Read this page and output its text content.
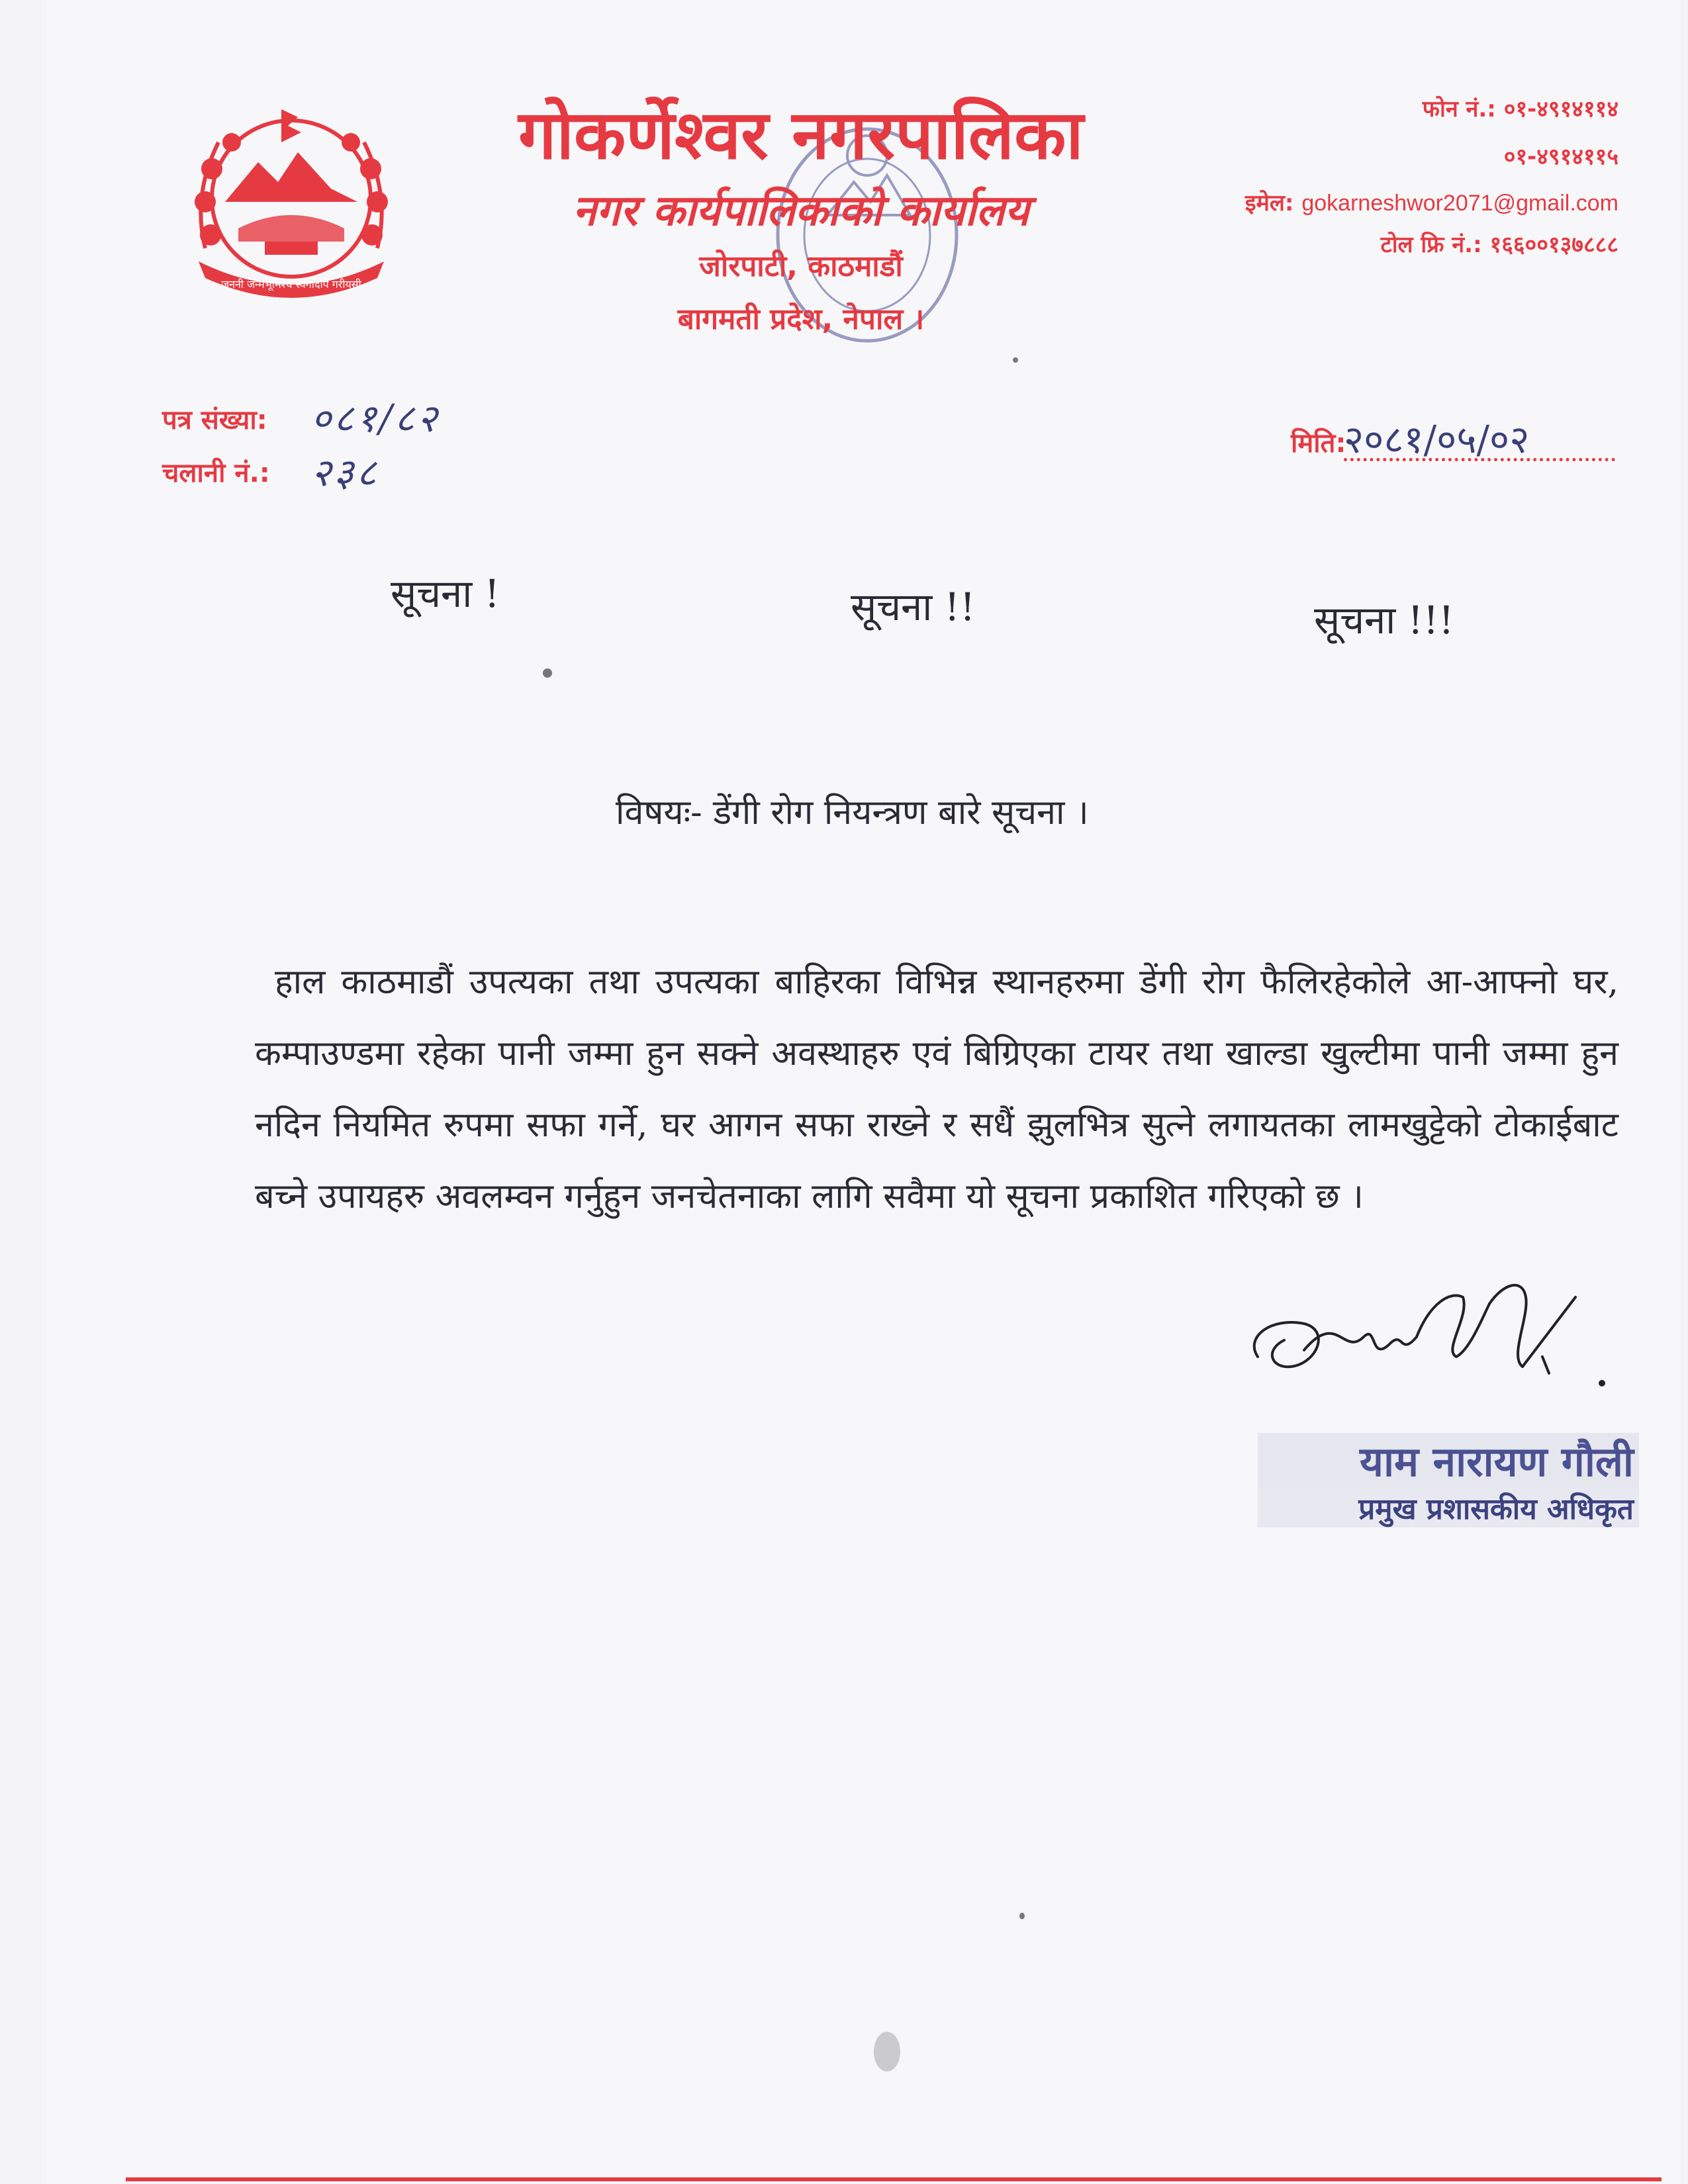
जननी जन्मभूमिश्च स्वर्गादपि गरीयसी
गोकर्णेश्वर नगरपालिका
नगर कार्यपालिकाको कार्यालय
जोरपाटी, काठमाडौं
बागमती प्रदेश, नेपाल ।
फोन नं.: ०१-४९१४११४
०१-४९१४११५
इमेल: gokarneshwor2071@gmail.com
टोल फ्रि नं.: १६६००१३७८८८
पत्र संख्या: ०८१/८२
चलानी नं.: २३८
मिति:
२०८१/०५/०२
सूचना !	सूचना !!	सूचना !!!
विषयः- डेंगी रोग नियन्त्रण बारे सूचना ।
हाल काठमाडौं उपत्यका तथा उपत्यका बाहिरका विभिन्न स्थानहरुमा डेंगी रोग फैलिरहेकोले आ-आफ्नो घर, कम्पाउण्डमा रहेका पानी जम्मा हुन सक्ने अवस्थाहरु एवं बिग्रिएका टायर तथा खाल्डा खुल्टीमा पानी जम्मा हुन नदिन नियमित रुपमा सफा गर्ने, घर आगन सफा राख्ने र सधैं झुलभित्र सुत्ने लगायतका लामखुट्टेको टोकाईबाट बच्ने उपायहरु अवलम्वन गर्नुहुन जनचेतनाका लागि सवैमा यो सूचना प्रकाशित गरिएको छ ।
याम नारायण गौली
प्रमुख प्रशासकीय अधिकृत
